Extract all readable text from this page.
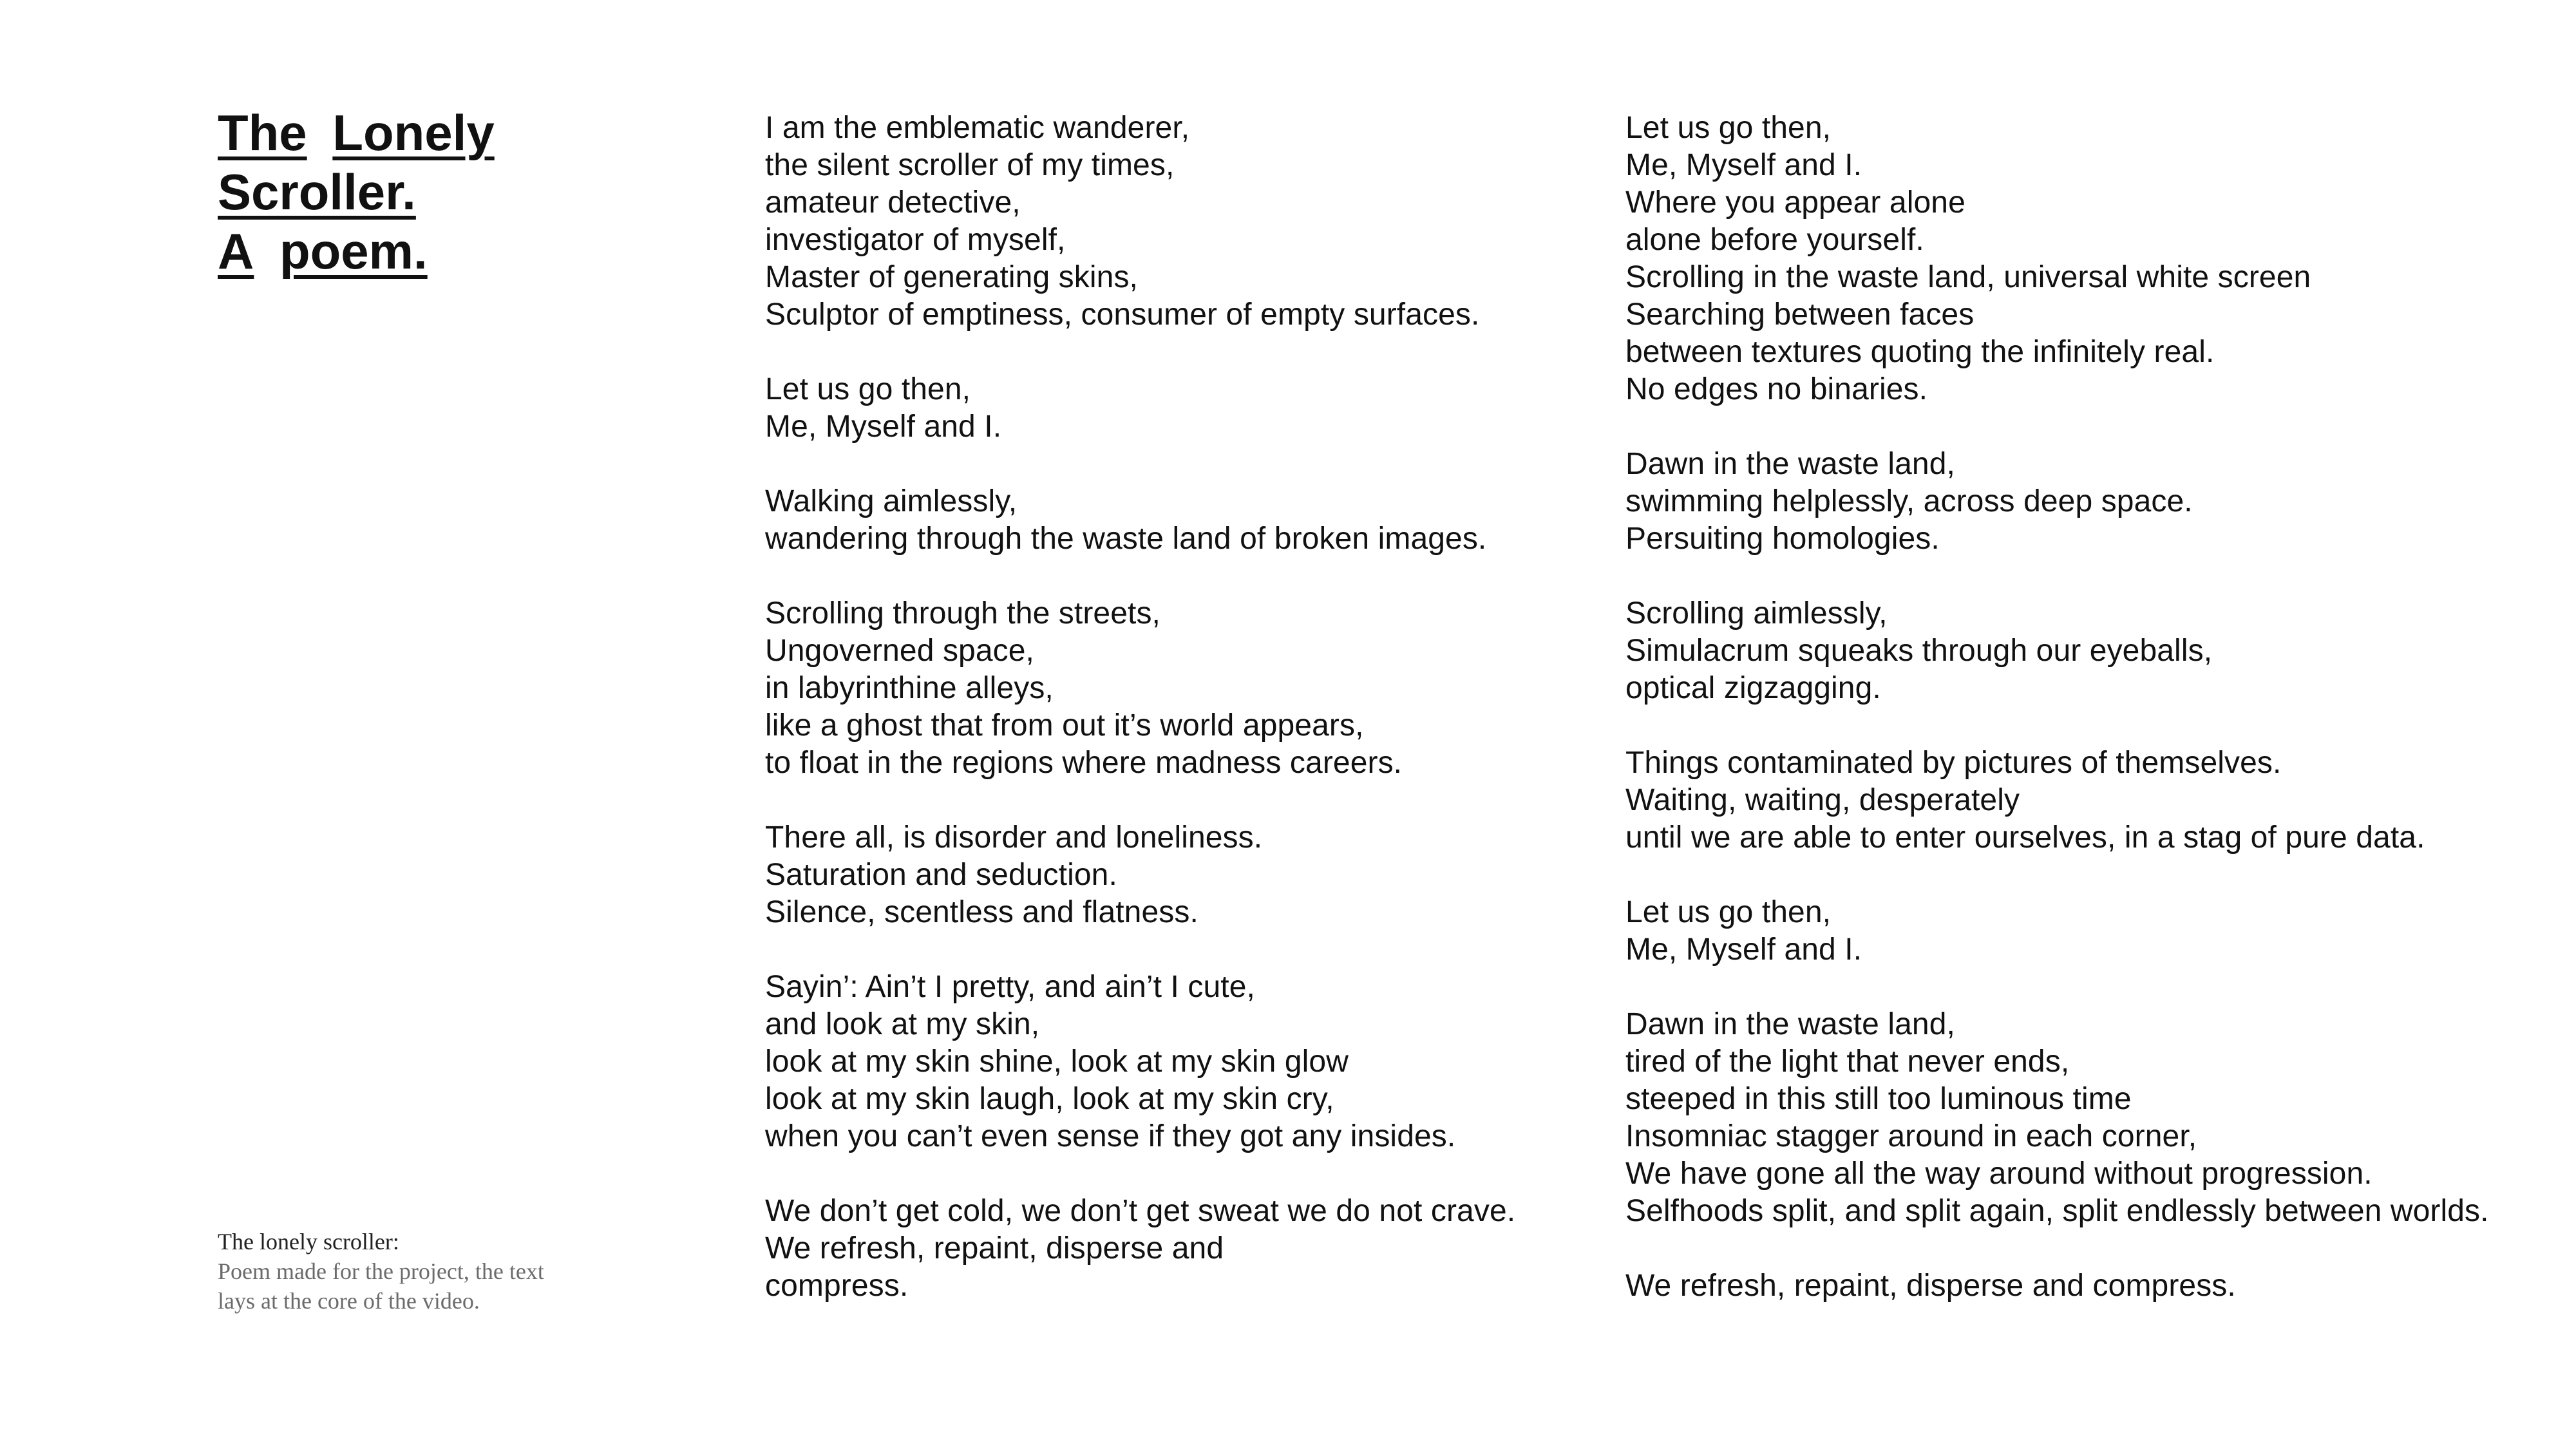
The Lonely Scroller.
A poem.
The lonely scroller:
Poem made for the project, the text
lays at the core of the video.
I am the emblematic wanderer,
the silent scroller of my times,
amateur detective,
investigator of myself,
Master of generating skins,
Sculptor of emptiness, consumer of empty surfaces.
Let us go then,
Me, Myself and I.
Walking aimlessly,
wandering through the waste land of broken images.
Scrolling through the streets,
Ungoverned space,
in labyrinthine alleys,
like a ghost that from out it’s world appears,
to float in the regions where madness careers.
There all, is disorder and loneliness.
Saturation and seduction.
Silence, scentless and flatness.
Sayin’: Ain’t I pretty, and ain’t I cute,
and look at my skin,
look at my skin shine, look at my skin glow
look at my skin laugh, look at my skin cry,
when you can’t even sense if they got any insides.
We don’t get cold, we don’t get sweat we do not crave.
We refresh, repaint, disperse and
compress.
Let us go then,
Me, Myself and I.
Where you appear alone
alone before yourself.
Scrolling in the waste land, universal white screen
Searching between faces
between textures quoting the infinitely real.
No edges no binaries.
Dawn in the waste land,
swimming helplessly, across deep space.
Persuiting homologies.
Scrolling aimlessly,
Simulacrum squeaks through our eyeballs,
optical zigzagging.
Things contaminated by pictures of themselves.
Waiting, waiting, desperately
until we are able to enter ourselves, in a stag of pure data.
Let us go then,
Me, Myself and I.
Dawn in the waste land,
tired of the light that never ends,
steeped in this still too luminous time
Insomniac stagger around in each corner,
We have gone all the way around without progression.
Selfhoods split, and split again, split endlessly between worlds.
We refresh, repaint, disperse and compress.
